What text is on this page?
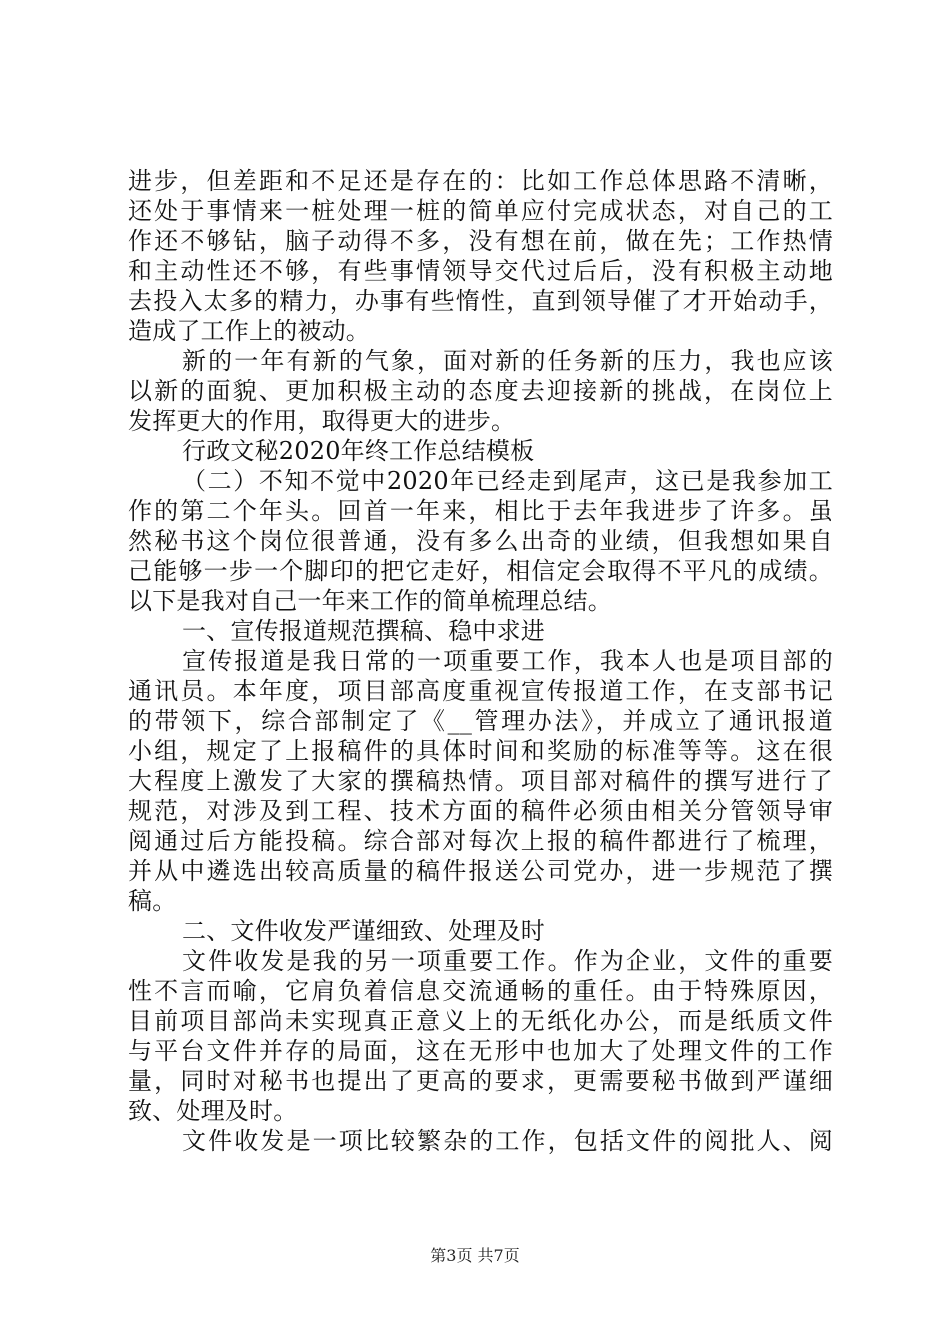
进步，但差距和不足还是存在的：比如工作总体思路不清晰，
还处于事情来一桩处理一桩的简单应付完成状态，对自己的工
作还不够钻，脑子动得不多，没有想在前，做在先；工作热情
和主动性还不够，有些事情领导交代过后后，没有积极主动地
去投入太多的精力，办事有些惰性，直到领导催了才开始动手，
造成了工作上的被动。
新的一年有新的气象，面对新的任务新的压力，我也应该
以新的面貌、更加积极主动的态度去迎接新的挑战，在岗位上
发挥更大的作用，取得更大的进步。
行政文秘2020年终工作总结模板
（二）不知不觉中2020年已经走到尾声，这已是我参加工
作的第二个年头。回首一年来，相比于去年我进步了许多。虽
然秘书这个岗位很普通，没有多么出奇的业绩，但我想如果自
己能够一步一个脚印的把它走好，相信定会取得不平凡的成绩。
以下是我对自己一年来工作的简单梳理总结。
一、宣传报道规范撰稿、稳中求进
宣传报道是我日常的一项重要工作，我本人也是项目部的
通讯员。本年度，项目部高度重视宣传报道工作，在支部书记
的带领下，综合部制定了《__管理办法》，并成立了通讯报道
小组，规定了上报稿件的具体时间和奖励的标准等等。这在很
大程度上激发了大家的撰稿热情。项目部对稿件的撰写进行了
规范，对涉及到工程、技术方面的稿件必须由相关分管领导审
阅通过后方能投稿。综合部对每次上报的稿件都进行了梳理，
并从中遴选出较高质量的稿件报送公司党办，进一步规范了撰
稿。
二、文件收发严谨细致、处理及时
文件收发是我的另一项重要工作。作为企业，文件的重要
性不言而喻，它肩负着信息交流通畅的重任。由于特殊原因，
目前项目部尚未实现真正意义上的无纸化办公，而是纸质文件
与平台文件并存的局面，这在无形中也加大了处理文件的工作
量，同时对秘书也提出了更高的要求，更需要秘书做到严谨细
致、处理及时。
文件收发是一项比较繁杂的工作，包括文件的阅批人、阅
第3页 共7页
